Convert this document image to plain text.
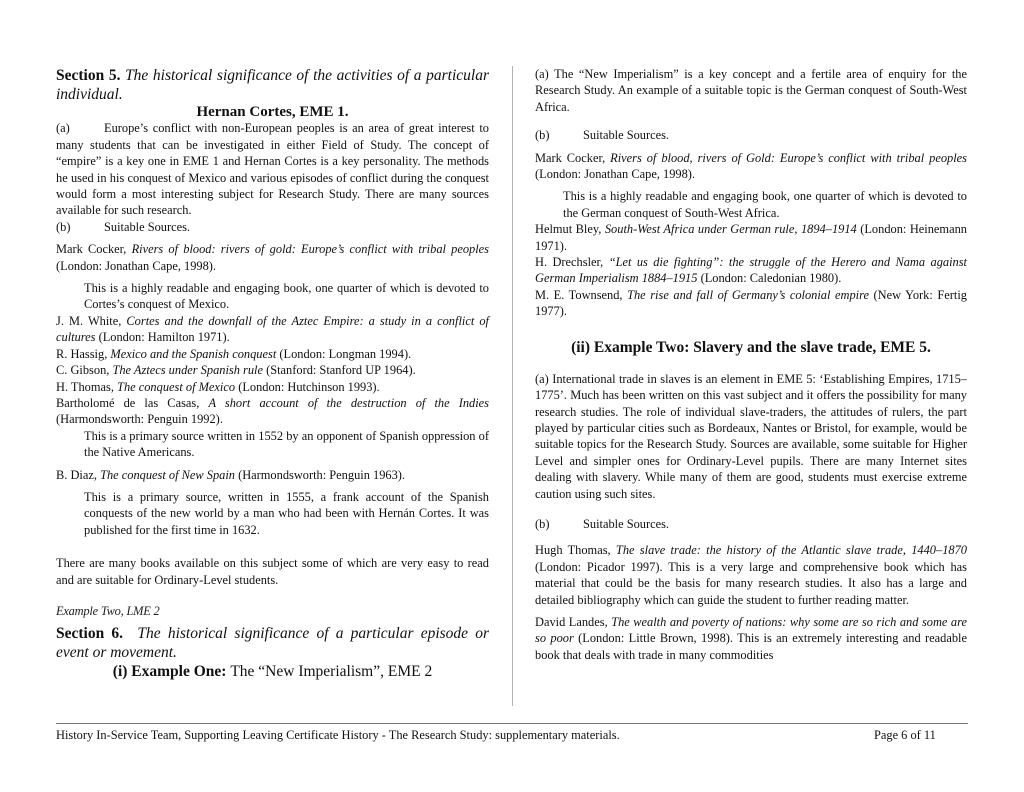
Section 5. The historical significance of the activities of a particular individual.

Hernan Cortes, EME 1.

(a)	Europe’s conflict with non-European peoples is an area of great interest to many students that can be investigated in either Field of Study. The concept of “empire” is a key one in EME 1 and Hernan Cortes is a key personality. The methods he used in his conquest of Mexico and various episodes of conflict during the conquest would form a most interesting subject for Research Study. There are many sources available for such research.

(b)	Suitable Sources.

Mark Cocker, Rivers of blood: rivers of gold: Europe’s conflict with tribal peoples (London: Jonathan Cape, 1998).

This is a highly readable and engaging book, one quarter of which is devoted to Cortes’s conquest of Mexico.

J. M. White, Cortes and the downfall of the Aztec Empire: a study in a conflict of cultures (London: Hamilton 1971).

R. Hassig, Mexico and the Spanish conquest (London: Longman 1994).

C. Gibson, The Aztecs under Spanish rule (Stanford: Stanford UP 1964).

H. Thomas, The conquest of Mexico (London: Hutchinson 1993).

Bartholomé de las Casas, A short account of the destruction of the Indies (Harmondsworth: Penguin 1992).

This is a primary source written in 1552 by an opponent of Spanish oppression of the Native Americans.

B. Diaz, The conquest of New Spain (Harmondsworth: Penguin 1963).

This is a primary source, written in 1555, a frank account of the Spanish conquests of the new world by a man who had been with Hernán Cortes. It was published for the first time in 1632.

There are many books available on this subject some of which are very easy to read and are suitable for Ordinary-Level students.

Example Two, LME 2

Section 6. The historical significance of a particular episode or event or movement.

(i) Example One: The “New Imperialism”, EME 2

(a) The “New Imperialism” is a key concept and a fertile area of enquiry for the Research Study. An example of a suitable topic is the German conquest of South-West Africa.

(b)	Suitable Sources.

Mark Cocker, Rivers of blood, rivers of Gold: Europe’s conflict with tribal peoples (London: Jonathan Cape, 1998).

This is a highly readable and engaging book, one quarter of which is devoted to the German conquest of South-West Africa.

Helmut Bley, South-West Africa under German rule, 1894–1914 (London: Heinemann 1971).

H. Drechsler, “Let us die fighting”: the struggle of the Herero and Nama against German Imperialism 1884–1915 (London: Caledonian 1980).

M. E. Townsend, The rise and fall of Germany’s colonial empire (New York: Fertig 1977).

(ii) Example Two: Slavery and the slave trade, EME 5.

(a) International trade in slaves is an element in EME 5: ‘Establishing Empires, 1715–1775’. Much has been written on this vast subject and it offers the possibility for many research studies. The role of individual slave-traders, the attitudes of rulers, the part played by particular cities such as Bordeaux, Nantes or Bristol, for example, would be suitable topics for the Research Study. Sources are available, some suitable for Higher Level and simpler ones for Ordinary-Level pupils. There are many Internet sites dealing with slavery. While many of them are good, students must exercise extreme caution using such sites.

(b)	Suitable Sources.

Hugh Thomas, The slave trade: the history of the Atlantic slave trade, 1440–1870 (London: Picador 1997). This is a very large and comprehensive book which has material that could be the basis for many research studies. It also has a large and detailed bibliography which can guide the student to further reading matter.

David Landes, The wealth and poverty of nations: why some are so rich and some are so poor (London: Little Brown, 1998). This is an extremely interesting and readable book that deals with trade in many commodities

History In-Service Team, Supporting Leaving Certificate History - The Research Study: supplementary materials.	Page 6 of 11
